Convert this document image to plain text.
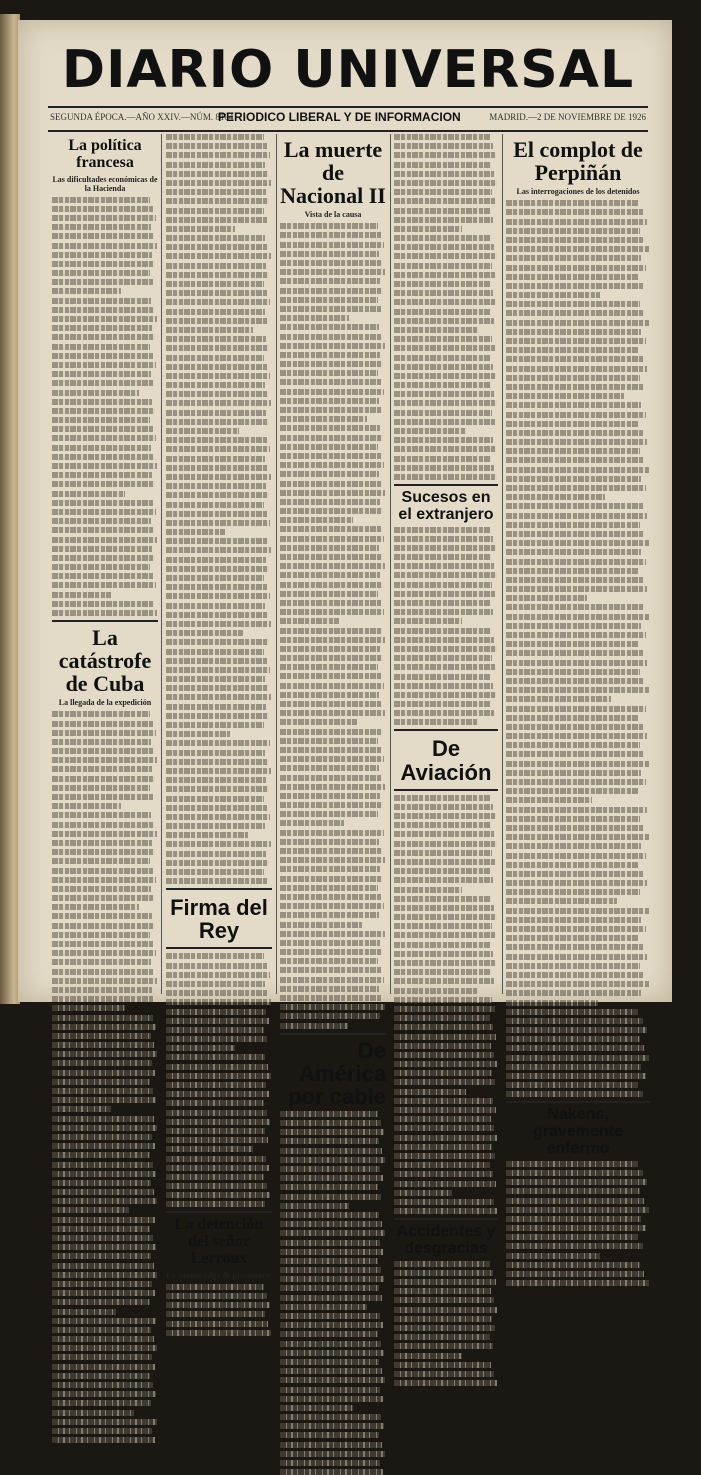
DIARIO UNIVERSAL
SEGUNDA ÉPOCA.—AÑO XXIV.—NÚM. 8104
PERIODICO LIBERAL Y DE INFORMACION	MADRID.—2 DE NOVIEMBRE DE 1926
La política francesa
Las dificultades económicas de la Hacienda
La catástrofe de Cuba
La llegada de la expedición
Firma del Rey
La detención del señor Lerroux
En cuanto salga de presentarse
La muerte de Nacional II
Vista de la causa
De América por cable
Sucesos en el extranjero
De Aviación
Accidentes y desgracias
El complot de Perpiñán
Las interrogaciones de los detenidos
Nakens, gravemente enfermo
